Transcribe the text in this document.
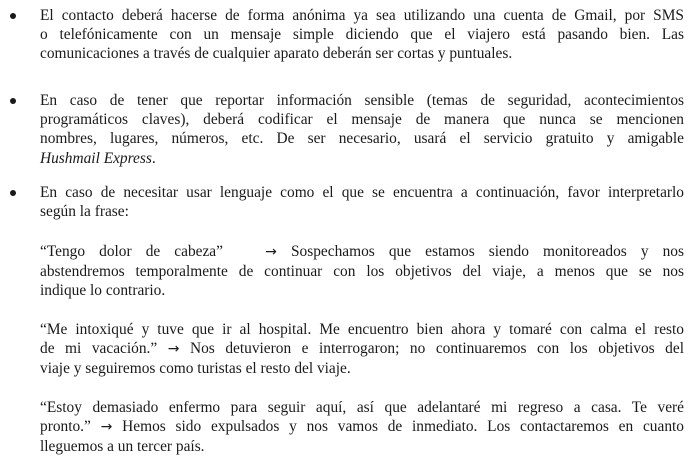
El contacto deberá hacerse de forma anónima ya sea utilizando una cuenta de Gmail, por SMS
o telefónicamente con un mensaje simple diciendo que el viajero está pasando bien. Las
comunicaciones a través de cualquier aparato deberán ser cortas y puntuales.
En caso de tener que reportar información sensible (temas de seguridad, acontecimientos
programáticos claves), deberá codificar el mensaje de manera que nunca se mencionen
nombres, lugares, números, etc. De ser necesario, usará el servicio gratuito y amigable
Hushmail Express.
En caso de necesitar usar lenguaje como el que se encuentra a continuación, favor interpretarlo
según la frase:
“Tengo dolor de cabeza”	→ Sospechamos que estamos siendo monitoreados y nos
abstendremos temporalmente de continuar con los objetivos del viaje, a menos que se nos
indique lo contrario.
“Me intoxiqué y tuve que ir al hospital. Me encuentro bien ahora y tomaré con calma el resto
de mi vacación.” → Nos detuvieron e interrogaron; no continuaremos con los objetivos del
viaje y seguiremos como turistas el resto del viaje.
“Estoy demasiado enfermo para seguir aquí, así que adelantaré mi regreso a casa. Te veré
pronto.” → Hemos sido expulsados y nos vamos de inmediato. Los contactaremos en cuanto
lleguemos a un tercer país.
